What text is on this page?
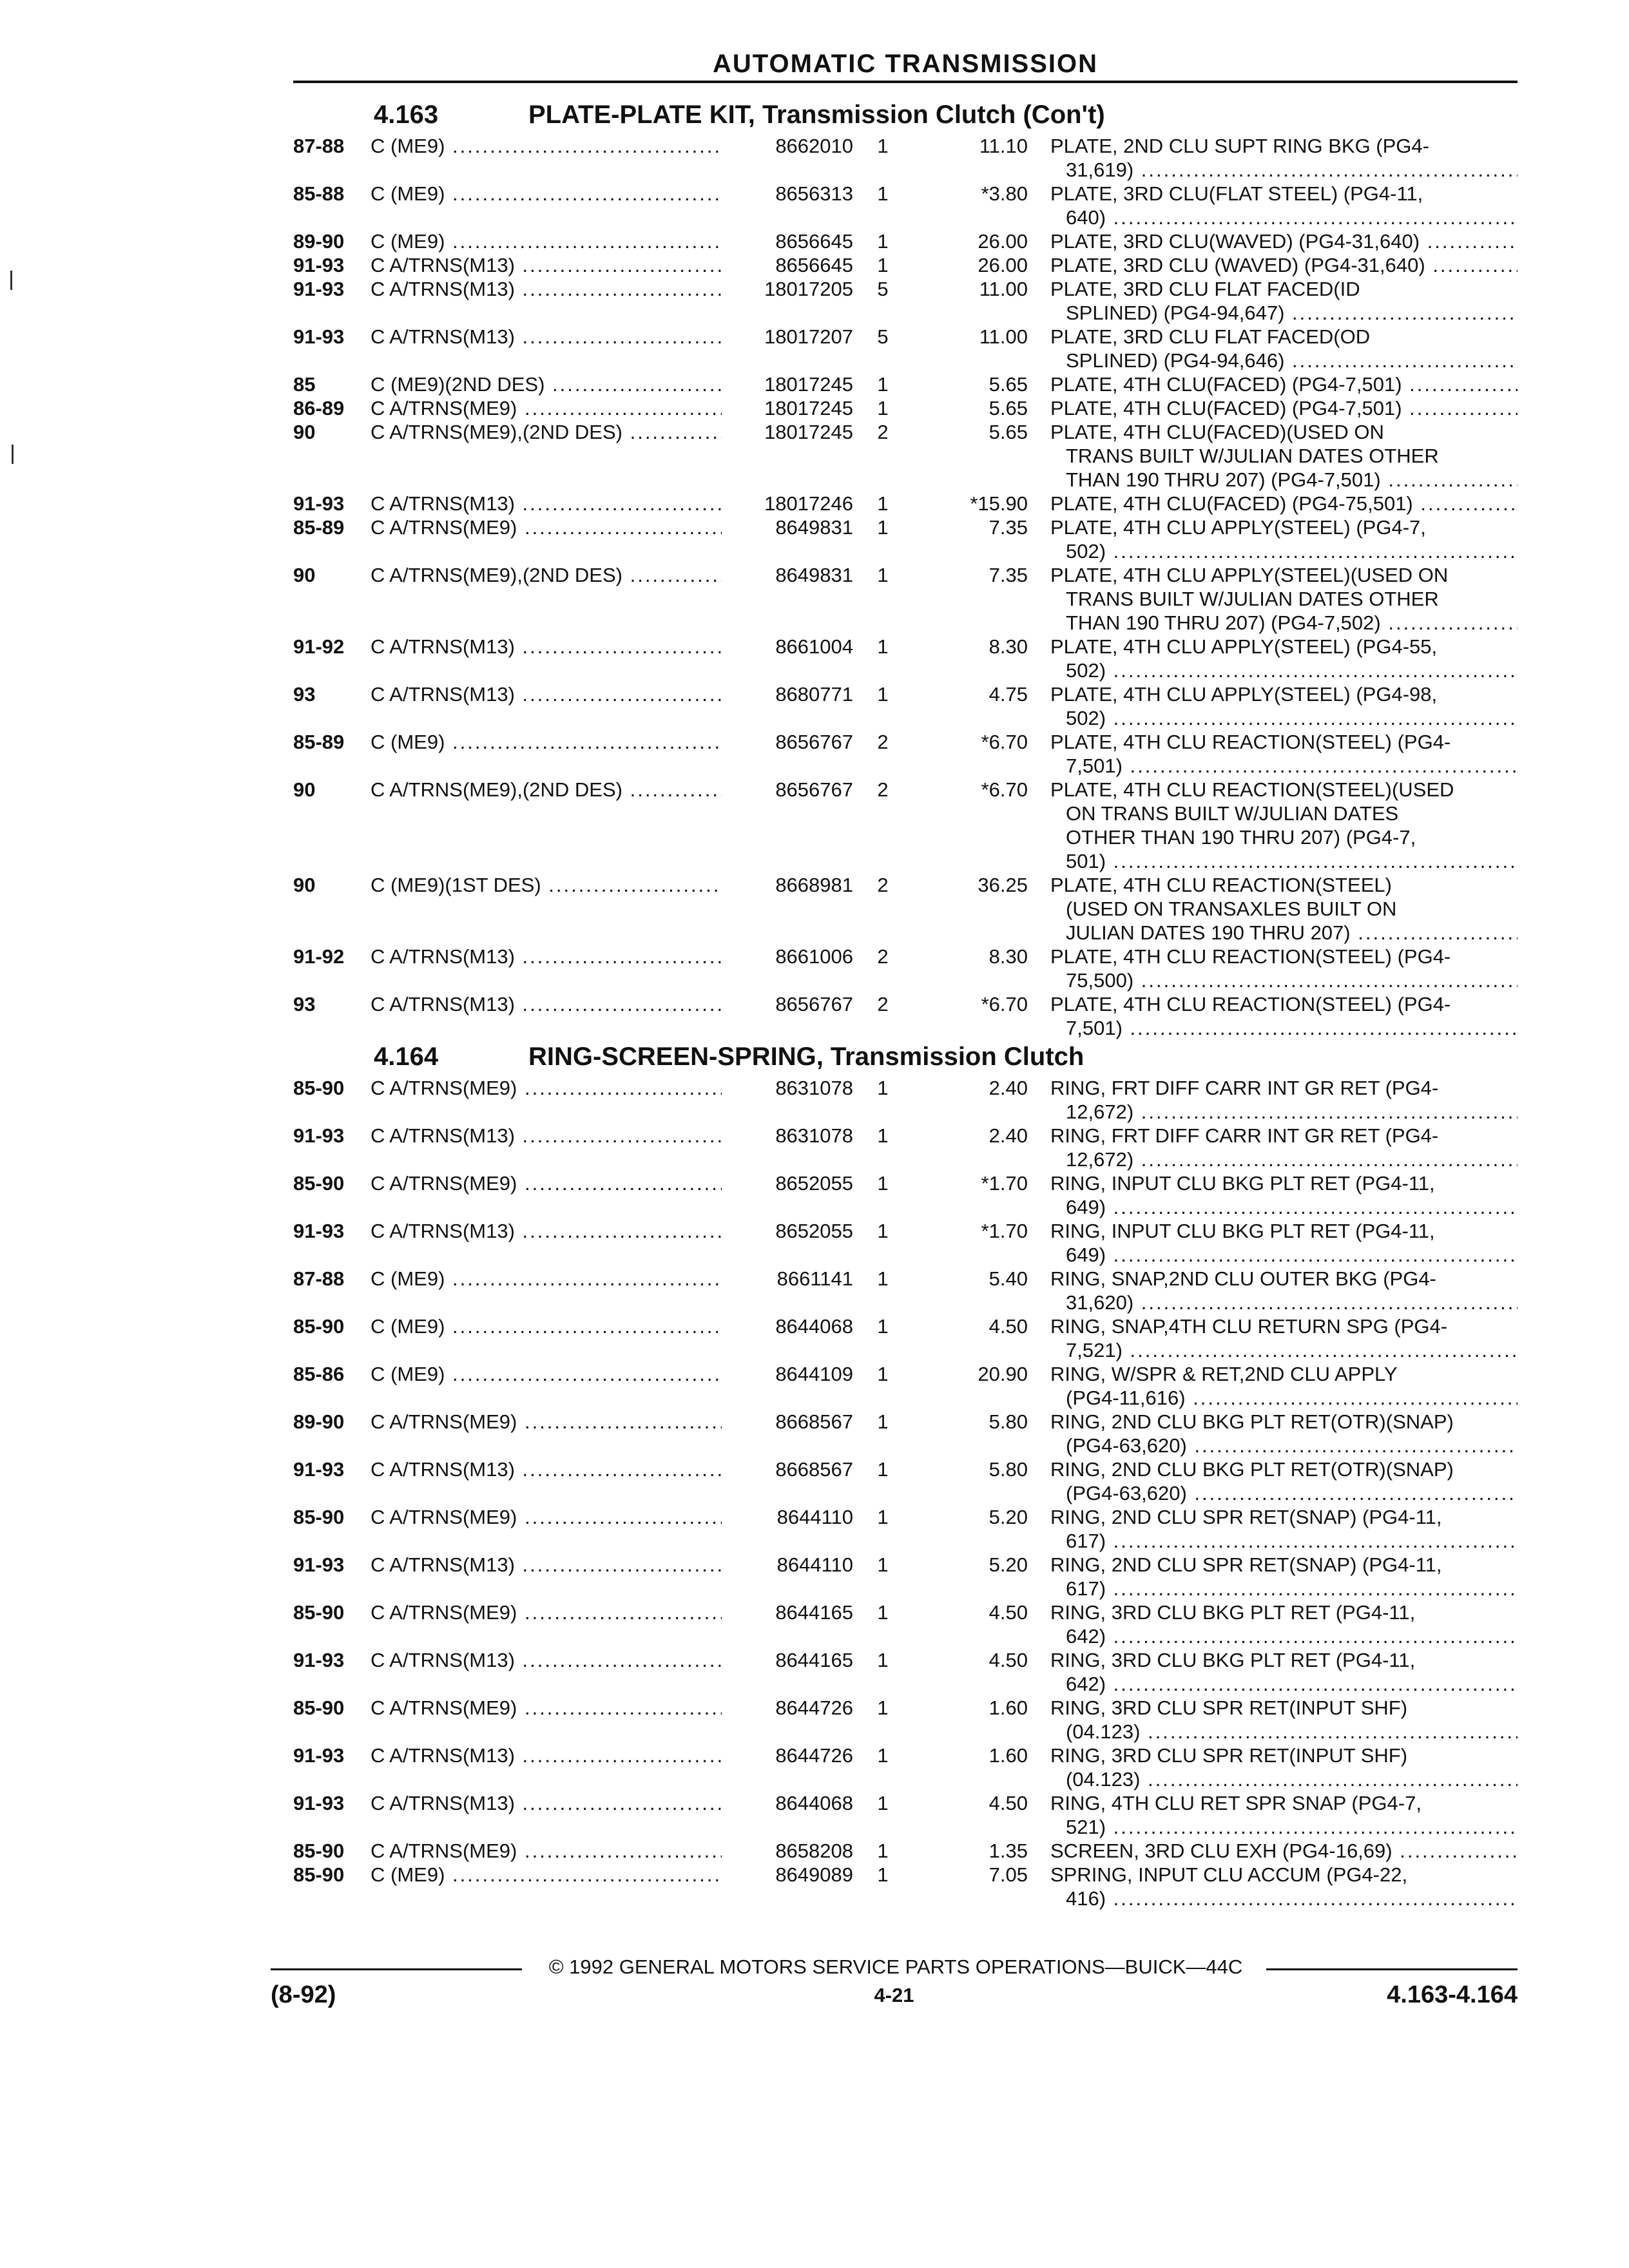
AUTOMATIC TRANSMISSION
4.163	PLATE-PLATE KIT, Transmission Clutch (Con't)
87-88 C (ME9) .....	8662010	1	11.10 PLATE, 2ND CLU SUPT RING BKG (PG4-
31,619) .....
85-88 C (ME9) .....	8656313	1	*3.80 PLATE, 3RD CLU(FLAT STEEL) (PG4-11,
640) .....
89-90 C (ME9) .....	8656645	1	26.00 PLATE, 3RD CLU(WAVED) (PG4-31,640) .....
91-93 C A/TRNS(M13) .....	8656645	1	26.00 PLATE, 3RD CLU (WAVED) (PG4-31,640) .....
91-93 C A/TRNS(M13) .....	18017205	5	11.00 PLATE, 3RD CLU FLAT FACED(ID
SPLINED) (PG4-94,647) .....
91-93 C A/TRNS(M13) .....	18017207	5	11.00 PLATE, 3RD CLU FLAT FACED(OD
SPLINED) (PG4-94,646) .....
85	C (ME9)(2ND DES) .....	18017245	1	5.65 PLATE, 4TH CLU(FACED) (PG4-7,501) .....
86-89 C A/TRNS(ME9) .....	18017245	1	5.65 PLATE, 4TH CLU(FACED) (PG4-7,501) .....
90	C A/TRNS(ME9),(2ND DES) .....	18017245	2	5.65 PLATE, 4TH CLU(FACED)(USED ON
TRANS BUILT W/JULIAN DATES OTHER
THAN 190 THRU 207) (PG4-7,501) .....
91-93 C A/TRNS(M13) .....	18017246	1	*15.90 PLATE, 4TH CLU(FACED) (PG4-75,501) .....
85-89 C A/TRNS(ME9) .....	8649831	1	7.35 PLATE, 4TH CLU APPLY(STEEL) (PG4-7,
502) .....
90	C A/TRNS(ME9),(2ND DES) .....	8649831	1	7.35 PLATE, 4TH CLU APPLY(STEEL)(USED ON
TRANS BUILT W/JULIAN DATES OTHER
THAN 190 THRU 207) (PG4-7,502) .....
91-92 C A/TRNS(M13) .....	8661004	1	8.30 PLATE, 4TH CLU APPLY(STEEL) (PG4-55,
502) .....
93	C A/TRNS(M13) .....	8680771	1	4.75 PLATE, 4TH CLU APPLY(STEEL) (PG4-98,
502) .....
85-89 C (ME9) .....	8656767	2	*6.70 PLATE, 4TH CLU REACTION(STEEL) (PG4-
7,501) .....
90	C A/TRNS(ME9),(2ND DES) .....	8656767	2	*6.70 PLATE, 4TH CLU REACTION(STEEL)(USED
ON TRANS BUILT W/JULIAN DATES
OTHER THAN 190 THRU 207) (PG4-7,
501) .....
90	C (ME9)(1ST DES) .....	8668981	2	36.25 PLATE, 4TH CLU REACTION(STEEL)
(USED ON TRANSAXLES BUILT ON
JULIAN DATES 190 THRU 207) .....
91-92 C A/TRNS(M13) .....	8661006	2	8.30 PLATE, 4TH CLU REACTION(STEEL) (PG4-
75,500) .....
93	C A/TRNS(M13) .....	8656767	2	*6.70 PLATE, 4TH CLU REACTION(STEEL) (PG4-
7,501) .....
4.164	RING-SCREEN-SPRING, Transmission Clutch
85-90 C A/TRNS(ME9) .....	8631078	1	2.40 RING, FRT DIFF CARR INT GR RET (PG4-
12,672) .....
91-93 C A/TRNS(M13) .....	8631078	1	2.40 RING, FRT DIFF CARR INT GR RET (PG4-
12,672) .....
85-90 C A/TRNS(ME9) .....	8652055	1	*1.70 RING, INPUT CLU BKG PLT RET (PG4-11,
649) .....
91-93 C A/TRNS(M13) .....	8652055	1	*1.70 RING, INPUT CLU BKG PLT RET (PG4-11,
649) .....
87-88 C (ME9) .....	8661141	1	5.40 RING, SNAP,2ND CLU OUTER BKG (PG4-
31,620) .....
85-90 C (ME9) .....	8644068	1	4.50 RING, SNAP,4TH CLU RETURN SPG (PG4-
7,521) .....
85-86 C (ME9) .....	8644109	1	20.90 RING, W/SPR & RET,2ND CLU APPLY
(PG4-11,616) .....
89-90 C A/TRNS(ME9) .....	8668567	1	5.80 RING, 2ND CLU BKG PLT RET(OTR)(SNAP)
(PG4-63,620) .....
91-93 C A/TRNS(M13) .....	8668567	1	5.80 RING, 2ND CLU BKG PLT RET(OTR)(SNAP)
(PG4-63,620) .....
85-90 C A/TRNS(ME9) .....	8644110	1	5.20 RING, 2ND CLU SPR RET(SNAP) (PG4-11,
617) .....
91-93 C A/TRNS(M13) .....	8644110	1	5.20 RING, 2ND CLU SPR RET(SNAP) (PG4-11,
617) .....
85-90 C A/TRNS(ME9) .....	8644165	1	4.50 RING, 3RD CLU BKG PLT RET (PG4-11,
642) .....
91-93 C A/TRNS(M13) .....	8644165	1	4.50 RING, 3RD CLU BKG PLT RET (PG4-11,
642) .....
85-90 C A/TRNS(ME9) .....	8644726	1	1.60 RING, 3RD CLU SPR RET(INPUT SHF)
(04.123) .....
91-93 C A/TRNS(M13) .....	8644726	1	1.60 RING, 3RD CLU SPR RET(INPUT SHF)
(04.123) .....
91-93 C A/TRNS(M13) .....	8644068	1	4.50 RING, 4TH CLU RET SPR SNAP (PG4-7,
521) .....
85-90 C A/TRNS(ME9) .....	8658208	1	1.35 SCREEN, 3RD CLU EXH (PG4-16,69) .....
85-90 C (ME9) .....	8649089	1	7.05 SPRING, INPUT CLU ACCUM (PG4-22,
416) .....
© 1992 GENERAL MOTORS SERVICE PARTS OPERATIONS—BUICK—44C
(8-92)	4-21	4.163-4.164
